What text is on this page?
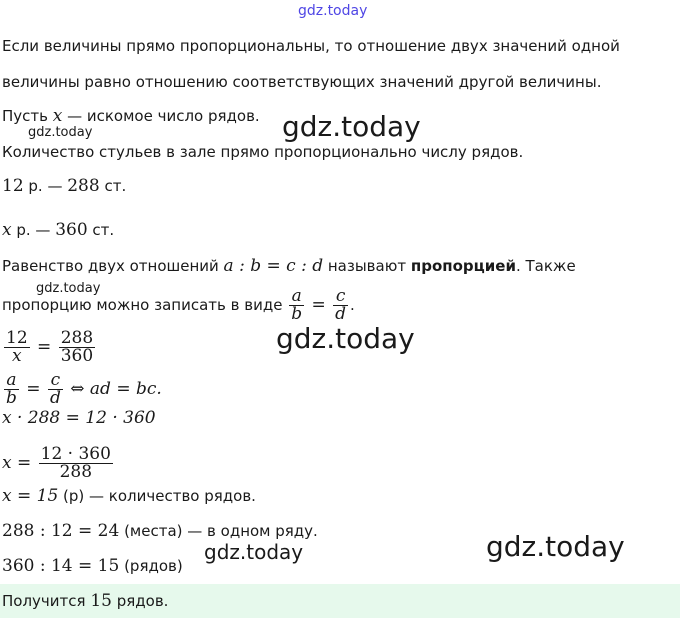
gdz.today
Если величины прямо пропорциональны, то отношение двух значений одной
величины равно отношению соответствующих значений другой величины.
Пусть x — искомое число рядов.
gdz.today	gdz.today
Количество стульев в зале прямо пропорционально числу рядов.
12 р. — 288 ст.
x р. — 360 ст.
Равенство двух отношений a : b = c : d называют пропорцией. Также
gdz.today
пропорцию можно записать в виде $\frac{a}{b} = \frac{c}{d}$ .
$\frac{12}{x} = \frac{288}{360}$	gdz.today
$\frac{a}{b} = \frac{c}{d}$ ⇔ ad = bc.
x · 288 = 12 · 360
$x = \frac{12 \cdot 360}{288}$
x = 15 (р) — количество рядов.
288 : 12 = 24 (места) — в одном ряду.
360 : 14 = 15 (рядов)
gdz.today	gdz.today
Получится 15 рядов.
